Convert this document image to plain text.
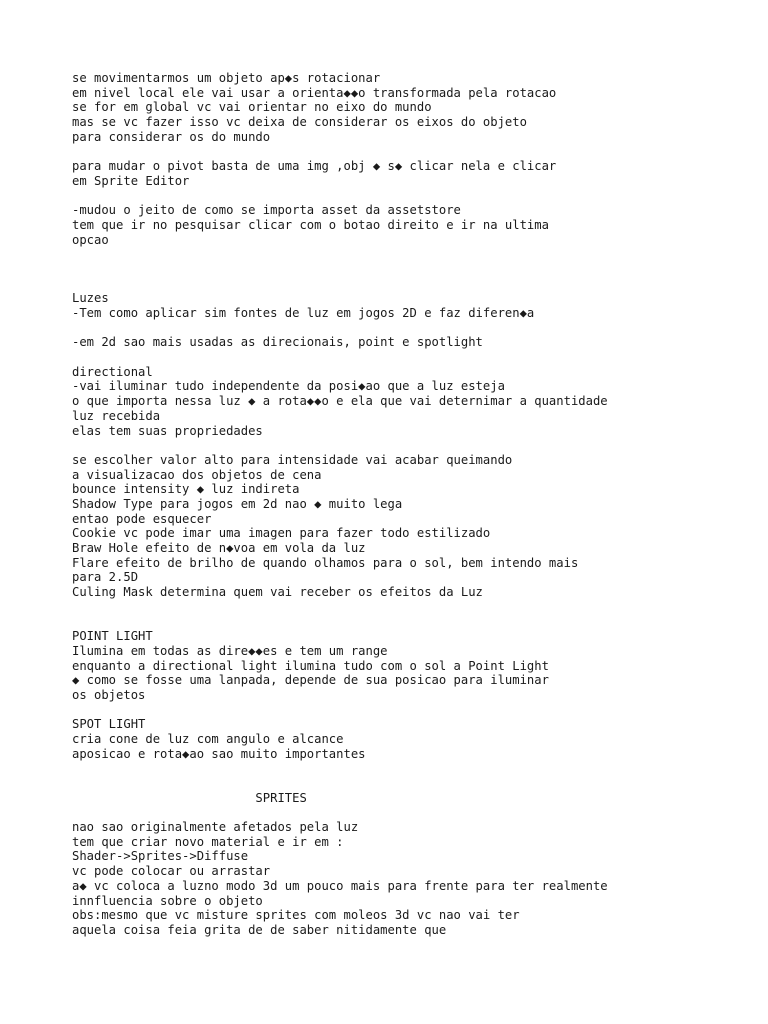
se movimentarmos um objeto ap◆s rotacionar
em nivel local ele vai usar a orienta◆◆o transformada pela rotacao
se for em global vc vai orientar no eixo do mundo
mas se vc fazer isso vc deixa de considerar os eixos do objeto
para considerar os do mundo
para mudar o pivot basta de uma img ,obj ◆ s◆ clicar nela e clicar
em Sprite Editor
-mudou o jeito de como se importa asset da assetstore
tem que ir no pesquisar clicar com o botao direito e ir na ultima
opcao
Luzes
-Tem como aplicar sim fontes de luz em jogos 2D e faz diferen◆a
-em 2d sao mais usadas as direcionais, point e spotlight
directional
-vai iluminar tudo independente da posi◆ao que a luz esteja
o que importa nessa luz ◆ a rota◆◆o e ela que vai deternimar a quantidade
luz recebida
elas tem suas propriedades
se escolher valor alto para intensidade vai acabar queimando
a visualizacao dos objetos de cena
bounce intensity ◆ luz indireta
Shadow Type para jogos em 2d nao ◆ muito lega
entao pode esquecer
Cookie vc pode imar uma imagen para fazer todo estilizado
Braw Hole efeito de n◆voa em vola da luz
Flare efeito de brilho de quando olhamos para o sol, bem intendo mais
para 2.5D
Culing Mask determina quem vai receber os efeitos da Luz
POINT LIGHT
Ilumina em todas as dire◆◆es e tem um range
enquanto a directional light ilumina tudo com o sol a Point Light
◆ como se fosse uma lanpada, depende de sua posicao para iluminar
os objetos
SPOT LIGHT
cria cone de luz com angulo e alcance
aposicao e rota◆ao sao muito importantes
SPRITES
nao sao originalmente afetados pela luz
tem que criar novo material e ir em :
Shader->Sprites->Diffuse
vc pode colocar ou arrastar
a◆ vc coloca a luzno modo 3d um pouco mais para frente para ter realmente
innfluencia sobre o objeto
obs:mesmo que vc misture sprites com moleos 3d vc nao vai ter
aquela coisa feia grita de de saber nitidamente que
